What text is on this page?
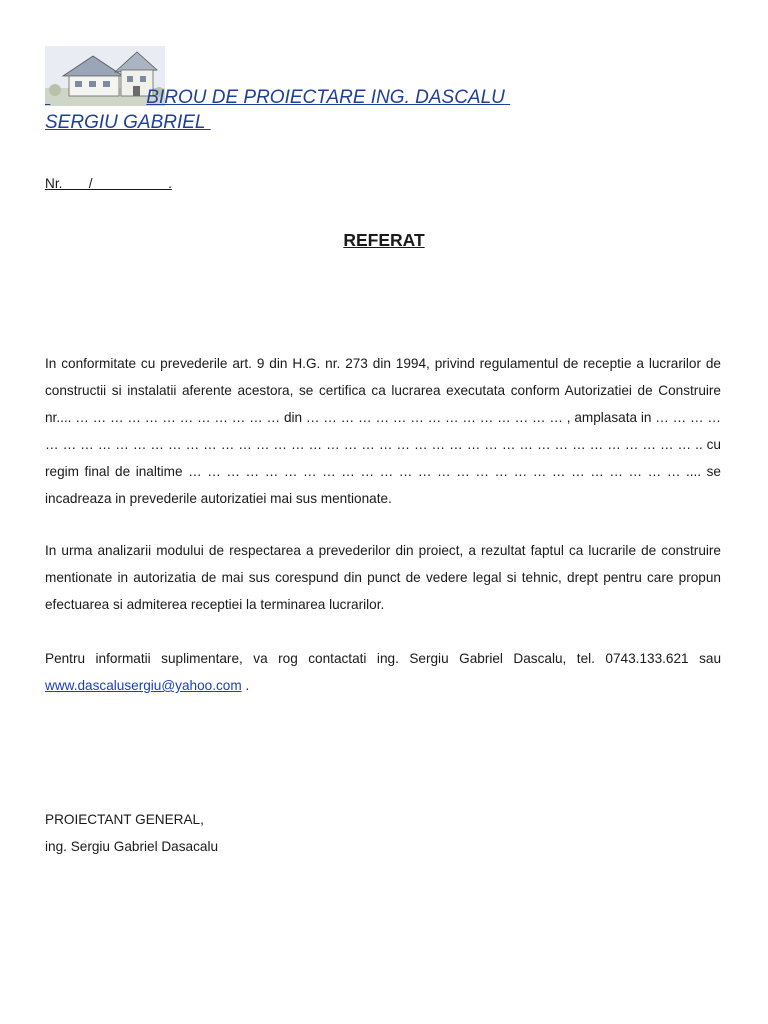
BIROU DE PROIECTARE ING. DASCALU
SERGIU GABRIEL
Nr.       /                    .
REFERAT

In conformitate cu prevederile art. 9 din H.G. nr. 273 din 1994, privind regulamentul de receptie a lucrarilor de constructii si instalatii aferente acestora, se certifica ca lucrarea executata conform Autorizatiei de Construire nr.... … … … … … … … … … … … … din … … … … … … … … … … … … … … … , amplasata in … … … … … … … … … … … … … … … … … … … … … … … … … … … … … … … … … … … … … … … … … .. cu regim final de inaltime … … … … … … … … … … … … … … … … … … … … … … … … … … .... se incadreaza in prevederile autorizatiei mai sus mentionate.

In urma analizarii modului de respectarea a prevederilor din proiect, a rezultat faptul ca lucrarile de construire mentionate in autorizatia de mai sus corespund din punct de vedere legal si tehnic, drept pentru care propun efectuarea si admiterea receptiei la terminarea lucrarilor.

Pentru informatii suplimentare, va rog contactati ing. Sergiu Gabriel Dascalu, tel. 0743.133.621 sau www.dascalusergiu@yahoo.com .

PROIECTANT GENERAL,
ing. Sergiu Gabriel Dasacalu
